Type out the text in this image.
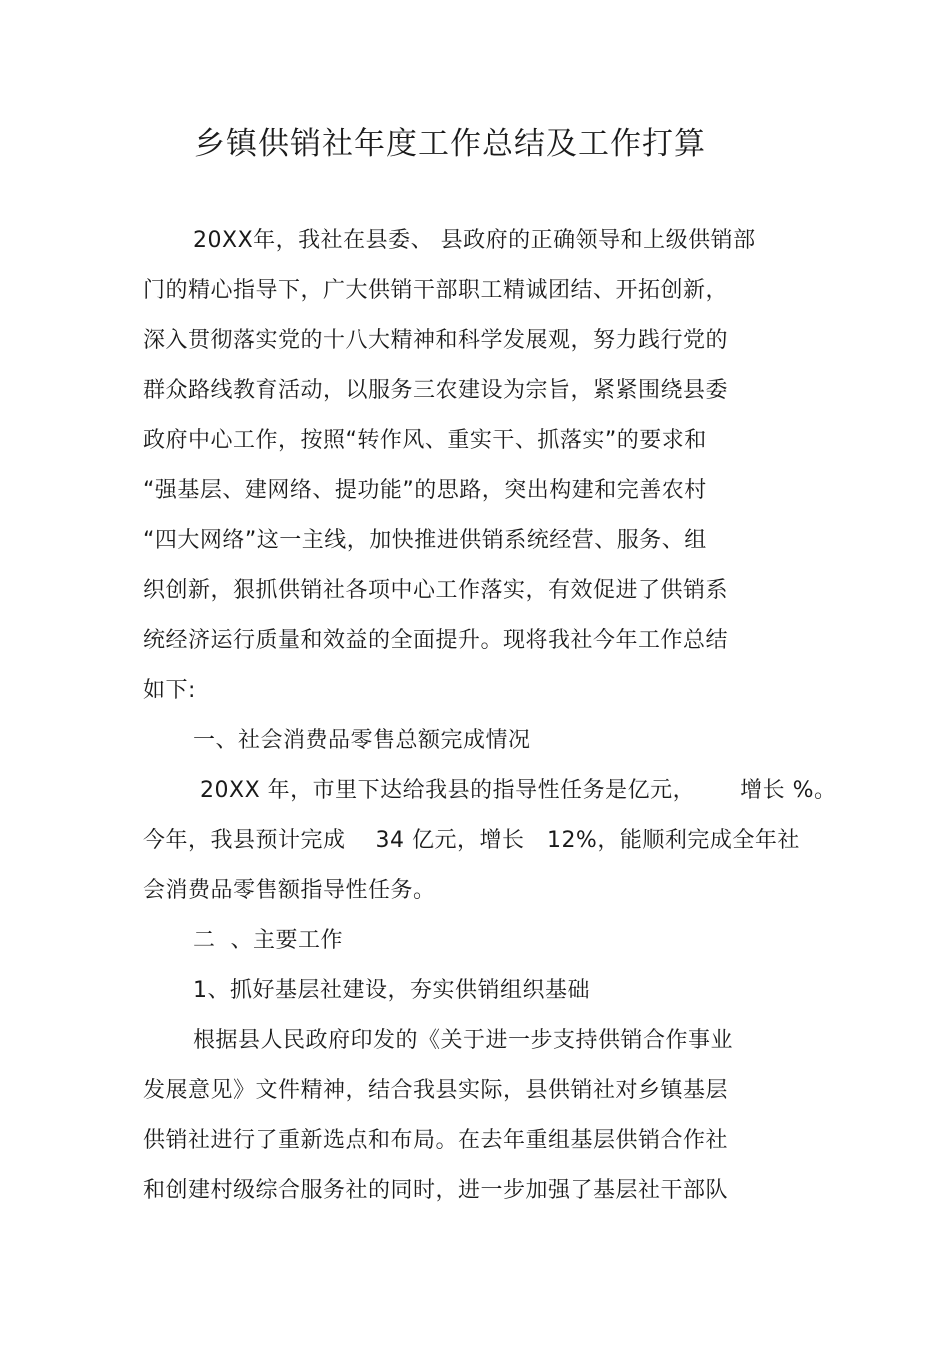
乡镇供销社年度工作总结及工作打算
20XX年，我社在县委、 县政府的正确领导和上级供销部
门的精心指导下，广大供销干部职工精诚团结、开拓创新，
深入贯彻落实党的十八大精神和科学发展观，努力践行党的
群众路线教育活动，以服务三农建设为宗旨，紧紧围绕县委
政府中心工作，按照“转作风、重实干、抓落实”的要求和
“强基层、建网络、提功能”的思路，突出构建和完善农村
“四大网络”这一主线，加快推进供销系统经营、服务、组
织创新，狠抓供销社各项中心工作落实，有效促进了供销系
统经济运行质量和效益的全面提升。现将我社今年工作总结
如下:
一、社会消费品零售总额完成情况
20XX 年，市里下达给我县的指导性任务是亿元，      增长 %。
今年，我县预计完成    34 亿元，增长   12%，能顺利完成全年社
会消费品零售额指导性任务。
二  、主要工作
1、抓好基层社建设，夯实供销组织基础
根据县人民政府印发的《关于进一步支持供销合作事业
发展意见》文件精神，结合我县实际，县供销社对乡镇基层
供销社进行了重新选点和布局。在去年重组基层供销合作社
和创建村级综合服务社的同时，进一步加强了基层社干部队
